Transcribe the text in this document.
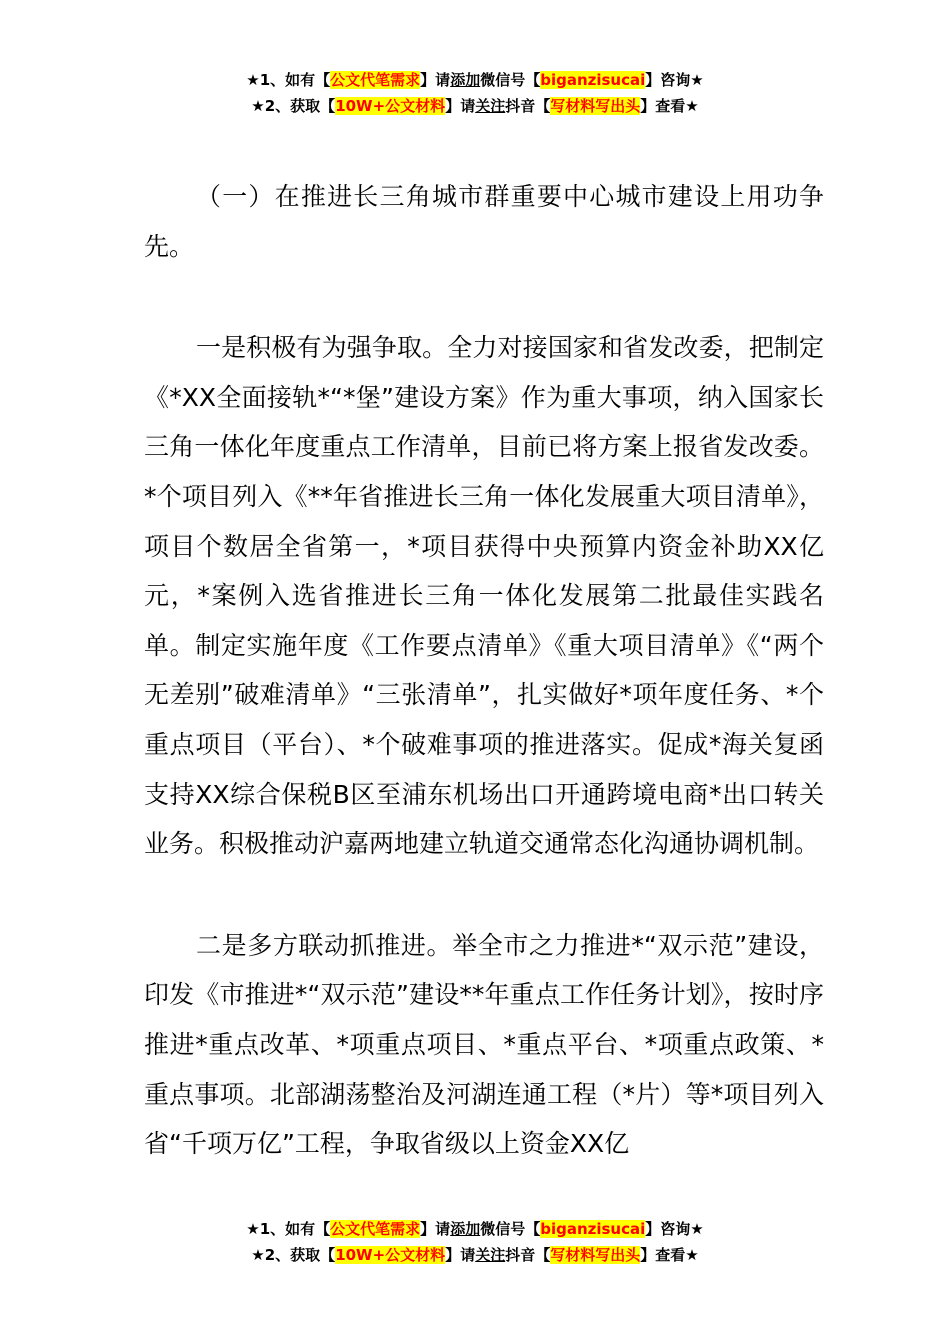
★1、如有【公文代笔需求】请添加微信号【biganzisucai】咨询★
★2、获取【10W+公文材料】请关注抖音【写材料写出头】查看★

（一）在推进长三角城市群重要中心城市建设上用功争先。

一是积极有为强争取。全力对接国家和省发改委，把制定《*XX全面接轨*“*堡”建设方案》作为重大事项，纳入国家长三角一体化年度重点工作清单，目前已将方案上报省发改委。*个项目列入《**年省推进长三角一体化发展重大项目清单》，项目个数居全省第一，*项目获得中央预算内资金补助XX亿元，*案例入选省推进长三角一体化发展第二批最佳实践名单。制定实施年度《工作要点清单》《重大项目清单》《“两个无差别”破难清单》“三张清单”，扎实做好*项年度任务、*个重点项目（平台）、*个破难事项的推进落实。促成*海关复函支持XX综合保税B区至浦东机场出口开通跨境电商*出口转关业务。积极推动沪嘉两地建立轨道交通常态化沟通协调机制。

二是多方联动抓推进。举全市之力推进*“双示范”建设，印发《市推进*“双示范”建设**年重点工作任务计划》，按时序推进*重点改革、*项重点项目、*重点平台、*项重点政策、*重点事项。北部湖荡整治及河湖连通工程（*片）等*项目列入省“千项万亿”工程，争取省级以上资金XX亿

★1、如有【公文代笔需求】请添加微信号【biganzisucai】咨询★
★2、获取【10W+公文材料】请关注抖音【写材料写出头】查看★
